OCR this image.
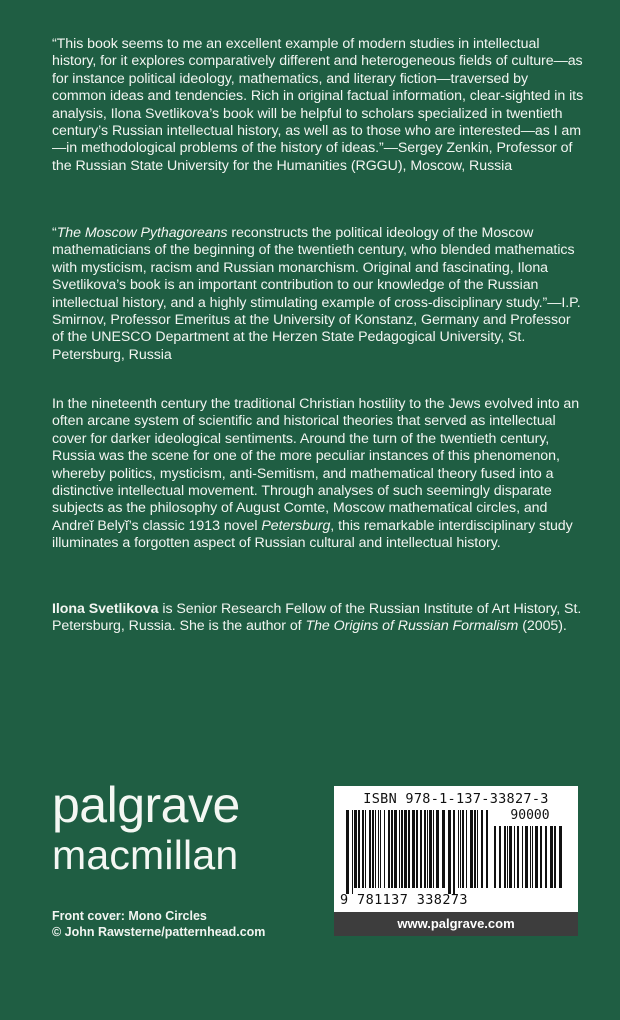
“This book seems to me an excellent example of modern studies in intellectual history, for it explores comparatively different and heterogeneous fields of culture—as for instance political ideology, mathematics, and literary fiction—traversed by common ideas and tendencies. Rich in original factual information, clear-sighted in its analysis, Ilona Svetlikova’s book will be helpful to scholars specialized in twentieth century’s Russian intellectual history, as well as to those who are interested—as I am—in methodological problems of the history of ideas.”—Sergey Zenkin, Professor of the Russian State University for the Humanities (RGGU), Moscow, Russia

“The Moscow Pythagoreans reconstructs the political ideology of the Moscow mathematicians of the beginning of the twentieth century, who blended mathematics with mysticism, racism and Russian monarchism. Original and fascinating, Ilona Svetlikova’s book is an important contribution to our knowledge of the Russian intellectual history, and a highly stimulating example of cross-disciplinary study.”—I.P. Smirnov, Professor Emeritus at the University of Konstanz, Germany and Professor of the UNESCO Department at the Herzen State Pedagogical University, St. Petersburg, Russia

In the nineteenth century the traditional Christian hostility to the Jews evolved into an often arcane system of scientific and historical theories that served as intellectual cover for darker ideological sentiments. Around the turn of the twentieth century, Russia was the scene for one of the more peculiar instances of this phenomenon, whereby politics, mysticism, anti-Semitism, and mathematical theory fused into a distinctive intellectual movement. Through analyses of such seemingly disparate subjects as the philosophy of August Comte, Moscow mathematical circles, and Andreĭ Belyĭ’s classic 1913 novel Petersburg, this remarkable interdisciplinary study illuminates a forgotten aspect of Russian cultural and intellectual history.

Ilona Svetlikova is Senior Research Fellow of the Russian Institute of Art History, St. Petersburg, Russia. She is the author of The Origins of Russian Formalism (2005).

palgrave
macmillan
Front cover: Mono Circles
© John Rawsterne/patternhead.com
ISBN 978-1-137-33827-3
90000
9 781137 338273
www.palgrave.com
